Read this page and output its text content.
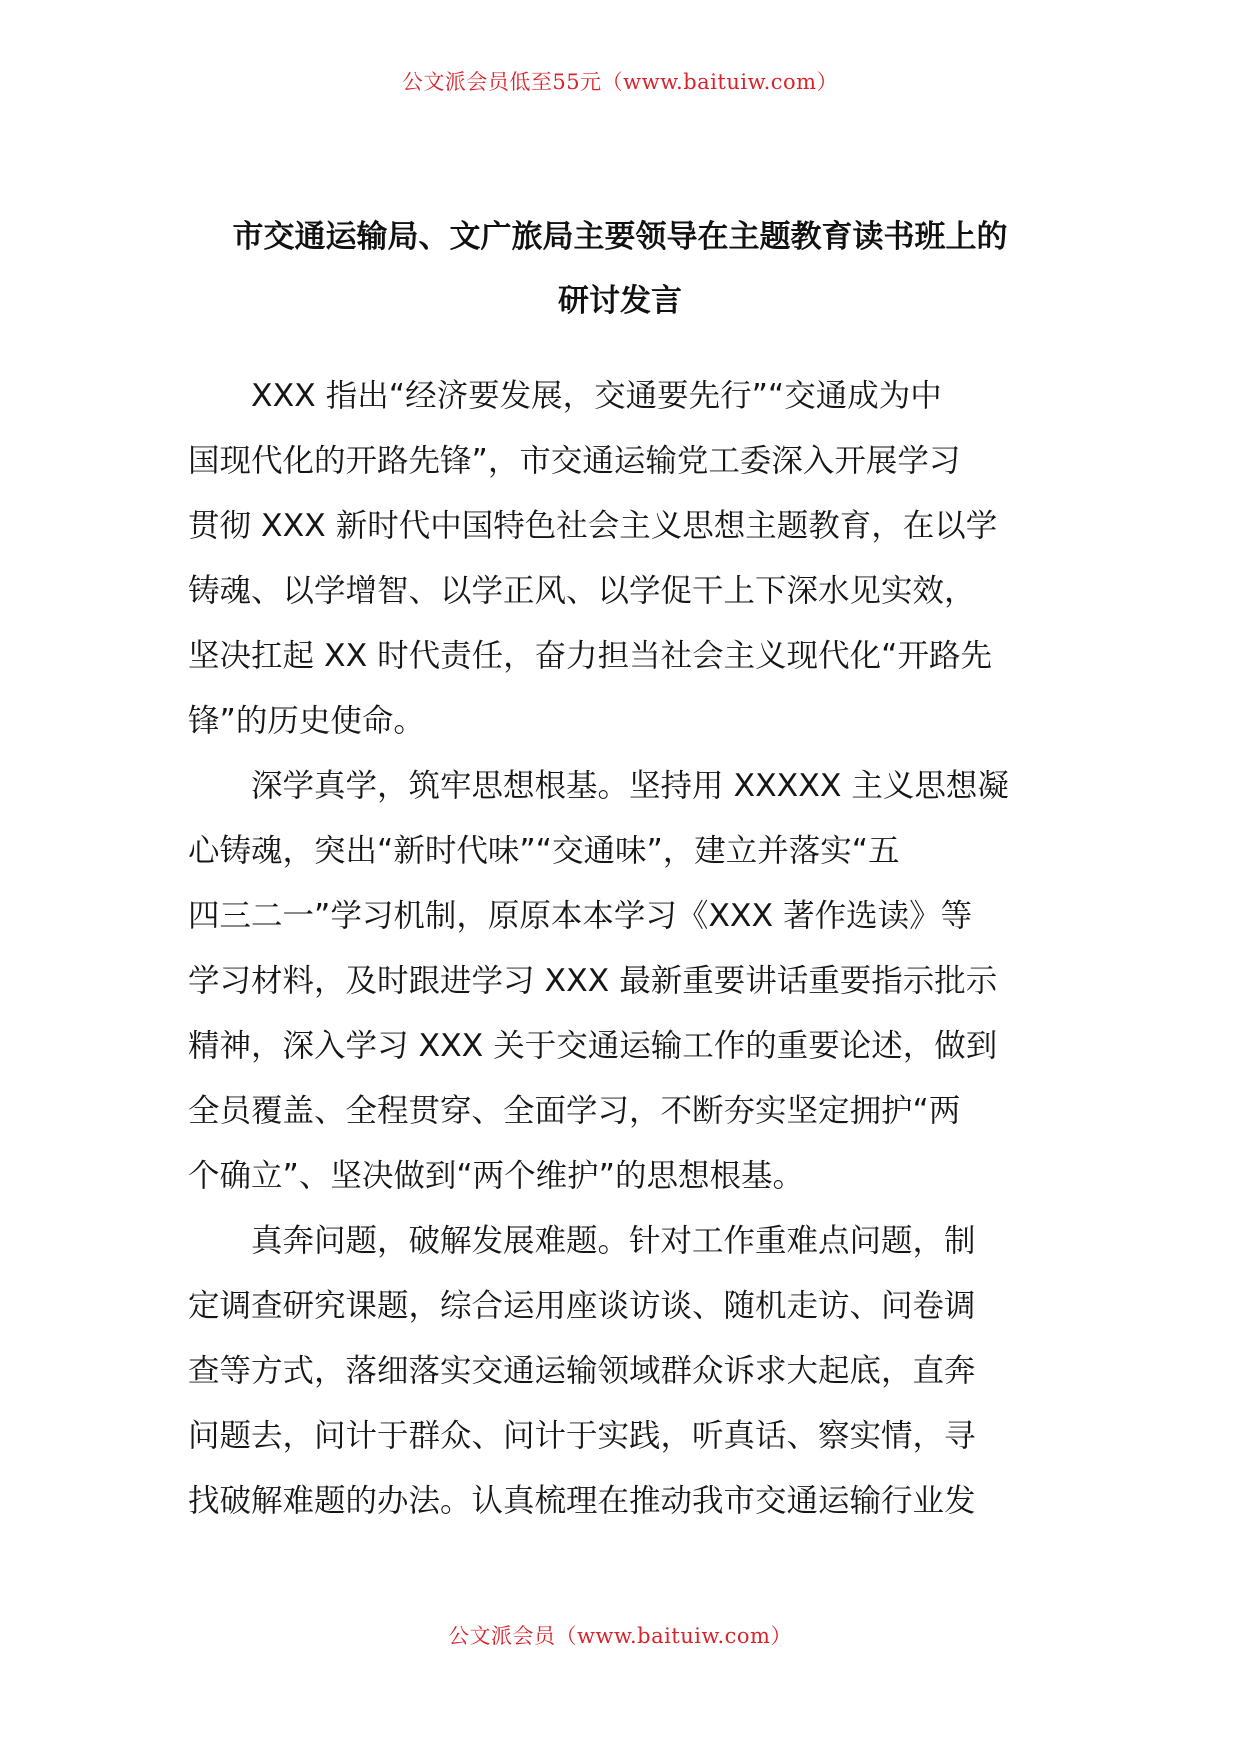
公文派会员低至55元（www.baituiw.com）
市交通运输局、文广旅局主要领导在主题教育读书班上的
研讨发言

　　XXX 指出“经济要发展，交通要先行”“交通成为中
国现代化的开路先锋”，市交通运输党工委深入开展学习
贯彻 XXX 新时代中国特色社会主义思想主题教育，在以学
铸魂、以学增智、以学正风、以学促干上下深水见实效，
坚决扛起 XX 时代责任，奋力担当社会主义现代化“开路先
锋”的历史使命。

　　深学真学，筑牢思想根基。坚持用 XXXXX 主义思想凝
心铸魂，突出“新时代味”“交通味”，建立并落实“五
四三二一”学习机制，原原本本学习《XXX 著作选读》等
学习材料，及时跟进学习 XXX 最新重要讲话重要指示批示
精神，深入学习 XXX 关于交通运输工作的重要论述，做到
全员覆盖、全程贯穿、全面学习，不断夯实坚定拥护“两
个确立”、坚决做到“两个维护”的思想根基。

　　真奔问题，破解发展难题。针对工作重难点问题，制
定调查研究课题，综合运用座谈访谈、随机走访、问卷调
查等方式，落细落实交通运输领域群众诉求大起底，直奔
问题去，问计于群众、问计于实践，听真话、察实情，寻
找破解难题的办法。认真梳理在推动我市交通运输行业发

公文派会员（www.baituiw.com）
